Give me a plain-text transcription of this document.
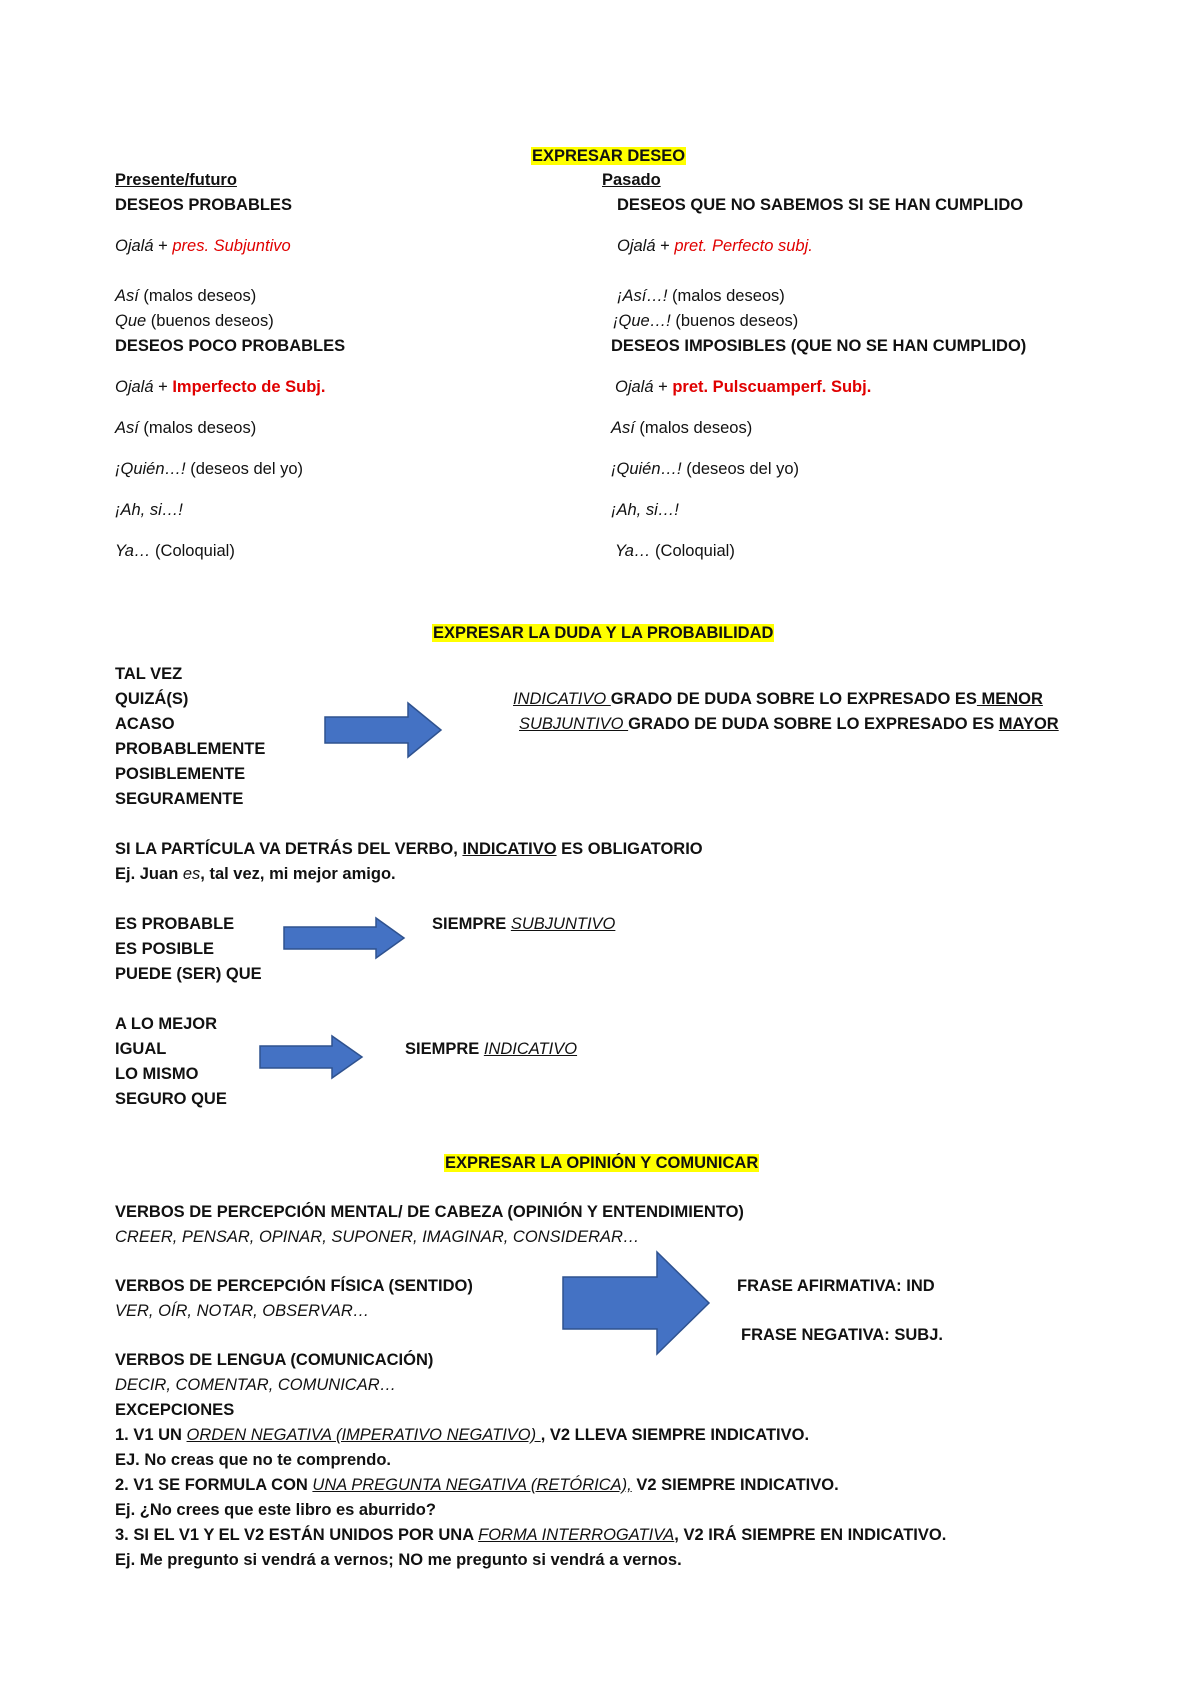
EXPRESAR DESEO
Presente/futuro	Pasado
DESEOS PROBABLES	DESEOS QUE NO SABEMOS SI SE HAN CUMPLIDO
Ojalá + pres. Subjuntivo	Ojalá + pret. Perfecto subj.
Así (malos deseos)	¡Así…! (malos deseos)
Que (buenos deseos)	¡Que…! (buenos deseos)
DESEOS POCO PROBABLES	DESEOS IMPOSIBLES (QUE NO SE HAN CUMPLIDO)
Ojalá + Imperfecto de Subj.	Ojalá + pret. Pulscuamperf. Subj.
Así (malos deseos)	Así (malos deseos)
¡Quién…! (deseos del yo)	¡Quién…! (deseos del yo)
¡Ah, si…!	¡Ah, si…!
Ya… (Coloquial)	Ya… (Coloquial)
EXPRESAR LA DUDA Y LA PROBABILIDAD
TAL VEZ
QUIZÁ(S)
ACASO
PROBABLEMENTE
POSIBLEMENTE
SEGURAMENTE
INDICATIVO GRADO DE DUDA SOBRE LO EXPRESADO ES MENOR
SUBJUNTIVO GRADO DE DUDA SOBRE LO EXPRESADO ES MAYOR
SI LA PARTÍCULA VA DETRÁS DEL VERBO, INDICATIVO ES OBLIGATORIO
Ej. Juan es, tal vez, mi mejor amigo.
ES PROBABLE
ES POSIBLE
PUEDE (SER) QUE
SIEMPRE SUBJUNTIVO
A LO MEJOR
IGUAL
LO MISMO
SEGURO QUE
SIEMPRE INDICATIVO
EXPRESAR LA OPINIÓN Y COMUNICAR
VERBOS DE PERCEPCIÓN MENTAL/ DE CABEZA (OPINIÓN Y ENTENDIMIENTO)
CREER, PENSAR, OPINAR, SUPONER, IMAGINAR, CONSIDERAR…
VERBOS DE PERCEPCIÓN FÍSICA (SENTIDO)
VER, OÍR, NOTAR, OBSERVAR…
FRASE AFIRMATIVA: IND
FRASE NEGATIVA: SUBJ.
VERBOS DE LENGUA (COMUNICACIÓN)
DECIR, COMENTAR, COMUNICAR…
EXCEPCIONES
1. V1 UN ORDEN NEGATIVA (IMPERATIVO NEGATIVO) , V2 LLEVA SIEMPRE INDICATIVO.
EJ. No creas que no te comprendo.
2. V1 SE FORMULA CON UNA PREGUNTA NEGATIVA (RETÓRICA), V2 SIEMPRE INDICATIVO.
Ej. ¿No crees que este libro es aburrido?
3. SI EL V1 Y EL V2 ESTÁN UNIDOS POR UNA FORMA INTERROGATIVA, V2 IRÁ SIEMPRE EN INDICATIVO.
Ej. Me pregunto si vendrá a vernos; NO me pregunto si vendrá a vernos.
